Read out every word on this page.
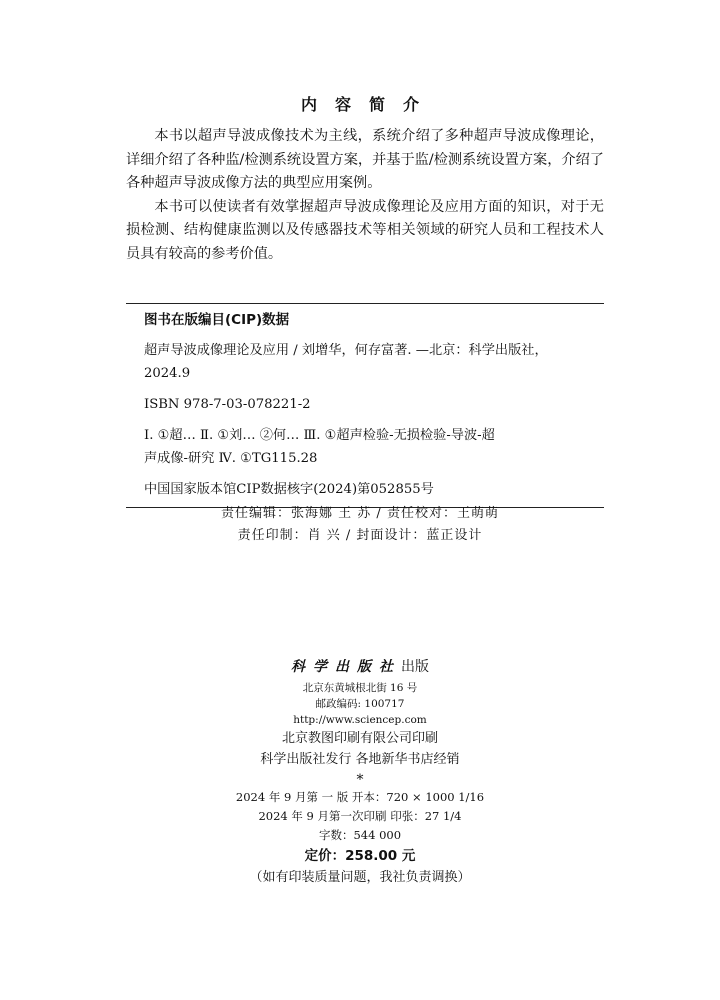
内容简介

本书以超声导波成像技术为主线，系统介绍了多种超声导波成像理论，详细介绍了各种监/检测系统设置方案，并基于监/检测系统设置方案，介绍了各种超声导波成像方法的典型应用案例。

本书可以使读者有效掌握超声导波成像理论及应用方面的知识，对于无损检测、结构健康监测以及传感器技术等相关领域的研究人员和工程技术人员具有较高的参考价值。

图书在版编目(CIP)数据
超声导波成像理论及应用 / 刘增华，何存富著. —北京：科学出版社，
2024.9
ISBN 978-7-03-078221-2
Ⅰ. ①超… Ⅱ. ①刘… ②何… Ⅲ. ①超声检验-无损检验-导波-超
声成像-研究 Ⅳ. ①TG115.28
中国国家版本馆CIP数据核字(2024)第052855号
责任编辑：张海娜 王 苏 / 责任校对：王萌萌
责任印制：肖 兴 / 封面设计：蓝正设计
科学出版社出版
北京东黄城根北街 16 号
邮政编码: 100717
http://www.sciencep.com
北京教图印刷有限公司印刷
科学出版社发行 各地新华书店经销
*
2024 年 9 月第 一 版 开本：720 × 1000 1/16
2024 年 9 月第一次印刷 印张：27 1/4
字数：544 000
定价：258.00 元
（如有印装质量问题，我社负责调换）
